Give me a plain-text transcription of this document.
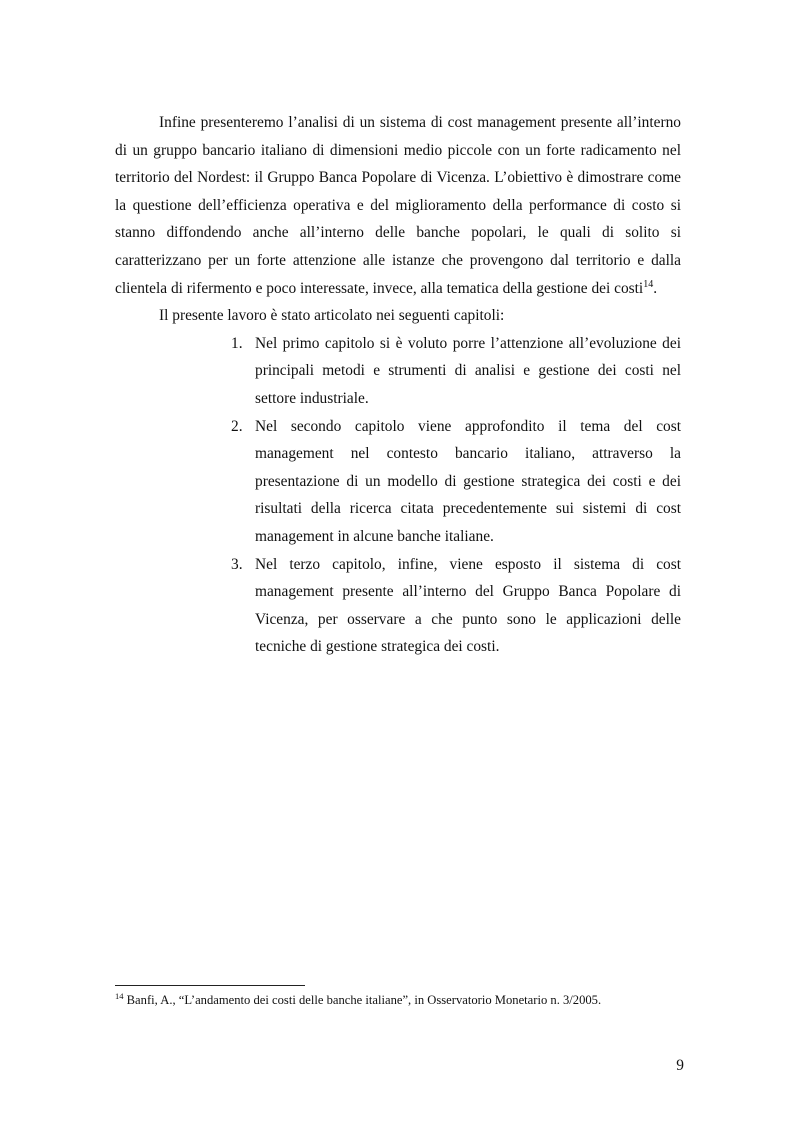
Infine presenteremo l’analisi di un sistema di cost management presente all’interno di un gruppo bancario italiano di dimensioni medio piccole con un forte radicamento nel territorio del Nordest: il Gruppo Banca Popolare di Vicenza. L’obiettivo è dimostrare come la questione dell’efficienza operativa e del miglioramento della performance di costo si stanno diffondendo anche all’interno delle banche popolari, le quali di solito si caratterizzano per un forte attenzione alle istanze che provengono dal territorio e dalla clientela di rifermento e poco interessate, invece, alla tematica della gestione dei costi$^{14}$.

Il presente lavoro è stato articolato nei seguenti capitoli:

1. Nel primo capitolo si è voluto porre l’attenzione all’evoluzione dei principali metodi e strumenti di analisi e gestione dei costi nel settore industriale.
2. Nel secondo capitolo viene approfondito il tema del cost management nel contesto bancario italiano, attraverso la presentazione di un modello di gestione strategica dei costi e dei risultati della ricerca citata precedentemente sui sistemi di cost management in alcune banche italiane.
3. Nel terzo capitolo, infine, viene esposto il sistema di cost management presente all’interno del Gruppo Banca Popolare di Vicenza, per osservare a che punto sono le applicazioni delle tecniche di gestione strategica dei costi.
$^{14}$ Banfi, A., “L’andamento dei costi delle banche italiane”, in Osservatorio Monetario n. 3/2005.
9
